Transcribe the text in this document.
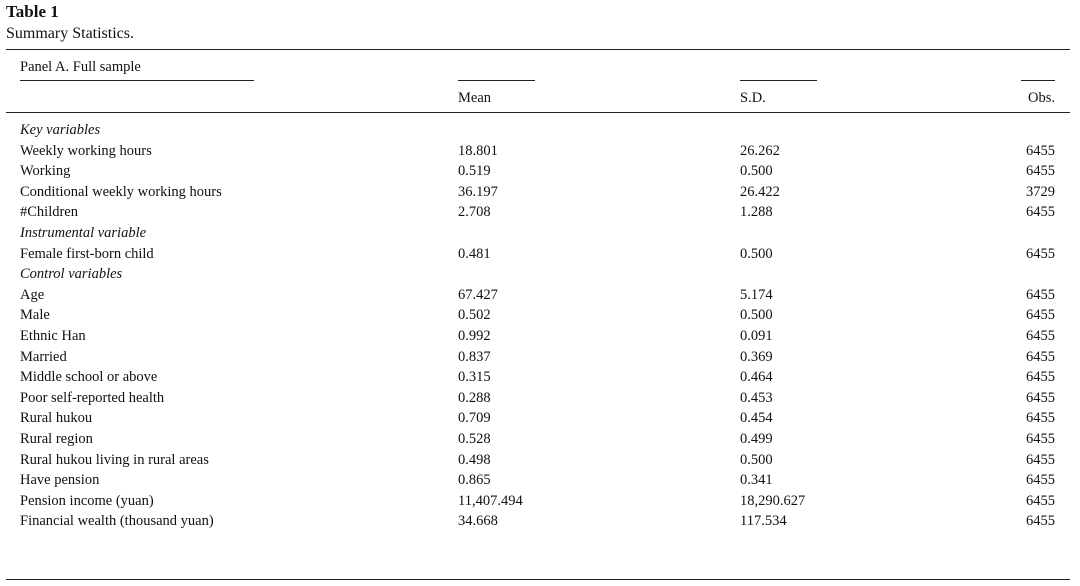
Table 1
Summary Statistics.
Panel A. Full sample
Mean	S.D.	Obs.
Key variables
Weekly working hours	18.801	26.262	6455
Working	0.519	0.500	6455
Conditional weekly working hours	36.197	26.422	3729
#Children	2.708	1.288	6455
Instrumental variable
Female first-born child	0.481	0.500	6455
Control variables
Age	67.427	5.174	6455
Male	0.502	0.500	6455
Ethnic Han	0.992	0.091	6455
Married	0.837	0.369	6455
Middle school or above	0.315	0.464	6455
Poor self-reported health	0.288	0.453	6455
Rural hukou	0.709	0.454	6455
Rural region	0.528	0.499	6455
Rural hukou living in rural areas	0.498	0.500	6455
Have pension	0.865	0.341	6455
Pension income (yuan)	11,407.494	18,290.627	6455
Financial wealth (thousand yuan)	34.668	117.534	6455
